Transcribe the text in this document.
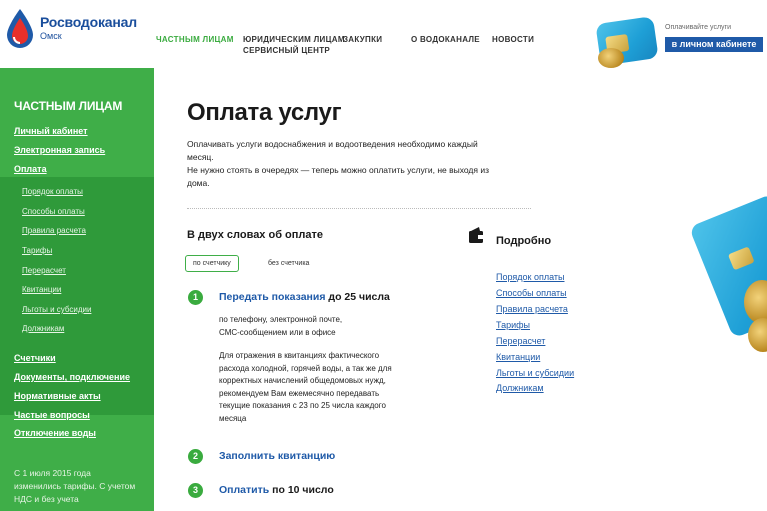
Росводоканал
Омск	ЧАСТНЫМ ЛИЦАМ ЮРИДИЧЕСКИМ ЛИЦАМ
СЕРВИСНЫЙ ЦЕНТР
ЗАКУПКИ	О ВОДОКАНАЛЕ НОВОСТИ
Оплачивайте услуги
в личном кабинете
ЧАСТНЫМ ЛИЦАМ
Личный кабинет
Электронная запись
Оплата
Порядок оплаты
Способы оплаты
Правила расчета
Тарифы
Перерасчет
Квитанции
Льготы и субсидии
Должникам
Счетчики
Документы, подключение
Нормативные акты
Частые вопросы
Отключение воды
С 1 июля 2015 года изменились тарифы. С учетом НДС и без учета
Оплата услуг
Оплачивать услуги водоснабжения и водоотведения необходимо каждый
месяц.
Не нужно стоять в очередях — теперь можно оплатить услуги, не выходя из
дома.
В двух словах об оплате
по счетчику	без счетчика
1	Передать показания до 25 числа
по телефону, электронной почте,
СМС-сообщением или в офисе
Для отражения в квитанциях фактического
расхода холодной, горячей воды, а так же для
корректных начислений общедомовых нужд,
рекомендуем Вам ежемесячно передавать
текущие показания с 23 по 25 числа каждого
месяца
2	Заполнить квитанцию
3	Оплатить по 10 число
Подробно
Порядок оплаты
Способы оплаты
Правила расчета
Тарифы
Перерасчет
Квитанции
Льготы и субсидии
Должникам
